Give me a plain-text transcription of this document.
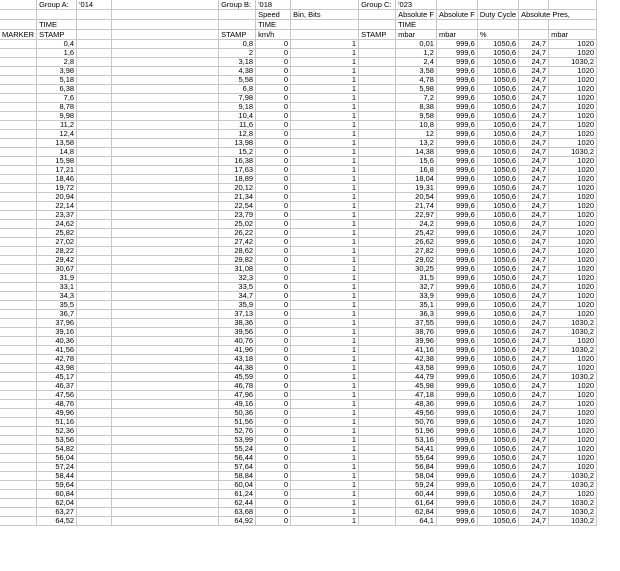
	Group A:	'014		Group B:	'018		Group C:	'023				
					Speed	Bin, Bits		Absolute F	Absolute F	Duty Cycle	Absolute Pres,	
	TIME				TIME			TIME				
MARKER	STAMP			STAMP	km/h		STAMP	mbar	mbar	%		mbar
	0,4			0,8	0	1		0,01	999,6	1050,6	24,7	1020
	1,6			2	0	1		1,2	999,6	1050,6	24,7	1020
	2,8			3,18	0	1		2,4	999,6	1050,6	24,7	1030,2
	3,98			4,38	0	1		3,58	999,6	1050,6	24,7	1020
	5,18			5,58	0	1		4,78	999,6	1050,6	24,7	1020
	6,38			6,8	0	1		5,98	999,6	1050,6	24,7	1020
	7,6			7,98	0	1		7,2	999,6	1050,6	24,7	1020
	8,78			9,18	0	1		8,38	999,6	1050,6	24,7	1020
	9,98			10,4	0	1		9,58	999,6	1050,6	24,7	1020
	11,2			11,6	0	1		10,8	999,6	1050,6	24,7	1020
	12,4			12,8	0	1		12	999,6	1050,6	24,7	1020
	13,58			13,98	0	1		13,2	999,6	1050,6	24,7	1020
	14,8			15,2	0	1		14,38	999,6	1050,6	24,7	1030,2
	15,98			16,38	0	1		15,6	999,6	1050,6	24,7	1020
	17,21			17,63	0	1		16,8	999,6	1050,6	24,7	1020
	18,46			18,89	0	1		18,04	999,6	1050,6	24,7	1020
	19,72			20,12	0	1		19,31	999,6	1050,6	24,7	1020
	20,94			21,34	0	1		20,54	999,6	1050,6	24,7	1020
	22,14			22,54	0	1		21,74	999,6	1050,6	24,7	1020
	23,37			23,79	0	1		22,97	999,6	1050,6	24,7	1020
	24,62			25,02	0	1		24,2	999,6	1050,6	24,7	1020
	25,82			26,22	0	1		25,42	999,6	1050,6	24,7	1020
	27,02			27,42	0	1		26,62	999,6	1050,6	24,7	1020
	28,22			28,62	0	1		27,82	999,6	1050,6	24,7	1020
	29,42			29,82	0	1		29,02	999,6	1050,6	24,7	1020
	30,67			31,08	0	1		30,25	999,6	1050,6	24,7	1020
	31,9			32,3	0	1		31,5	999,6	1050,6	24,7	1020
	33,1			33,5	0	1		32,7	999,6	1050,6	24,7	1020
	34,3			34,7	0	1		33,9	999,6	1050,6	24,7	1020
	35,5			35,9	0	1		35,1	999,6	1050,6	24,7	1020
	36,7			37,13	0	1		36,3	999,6	1050,6	24,7	1020
	37,96			38,36	0	1		37,55	999,6	1050,6	24,7	1030,2
	39,16			39,56	0	1		38,76	999,6	1050,6	24,7	1030,2
	40,36			40,76	0	1		39,96	999,6	1050,6	24,7	1020
	41,56			41,96	0	1		41,16	999,6	1050,6	24,7	1030,2
	42,78			43,18	0	1		42,38	999,6	1050,6	24,7	1020
	43,98			44,38	0	1		43,58	999,6	1050,6	24,7	1020
	45,17			45,59	0	1		44,79	999,6	1050,6	24,7	1030,2
	46,37			46,78	0	1		45,98	999,6	1050,6	24,7	1020
	47,56			47,96	0	1		47,18	999,6	1050,6	24,7	1020
	48,76			49,16	0	1		48,36	999,6	1050,6	24,7	1020
	49,96			50,36	0	1		49,56	999,6	1050,6	24,7	1020
	51,16			51,56	0	1		50,76	999,6	1050,6	24,7	1020
	52,36			52,76	0	1		51,96	999,6	1050,6	24,7	1020
	53,56			53,99	0	1		53,16	999,6	1050,6	24,7	1020
	54,82			55,24	0	1		54,41	999,6	1050,6	24,7	1020
	56,04			56,44	0	1		55,64	999,6	1050,6	24,7	1020
	57,24			57,64	0	1		56,84	999,6	1050,6	24,7	1020
	58,44			58,84	0	1		58,04	999,6	1050,6	24,7	1030,2
	59,64			60,04	0	1		59,24	999,6	1050,6	24,7	1030,2
	60,84			61,24	0	1		60,44	999,6	1050,6	24,7	1020
	62,04			62,44	0	1		61,64	999,6	1050,6	24,7	1030,2
	63,27			63,68	0	1		62,84	999,6	1050,6	24,7	1030,2
	64,52			64,92	0	1		64,1	999,6	1050,6	24,7	1030,2
